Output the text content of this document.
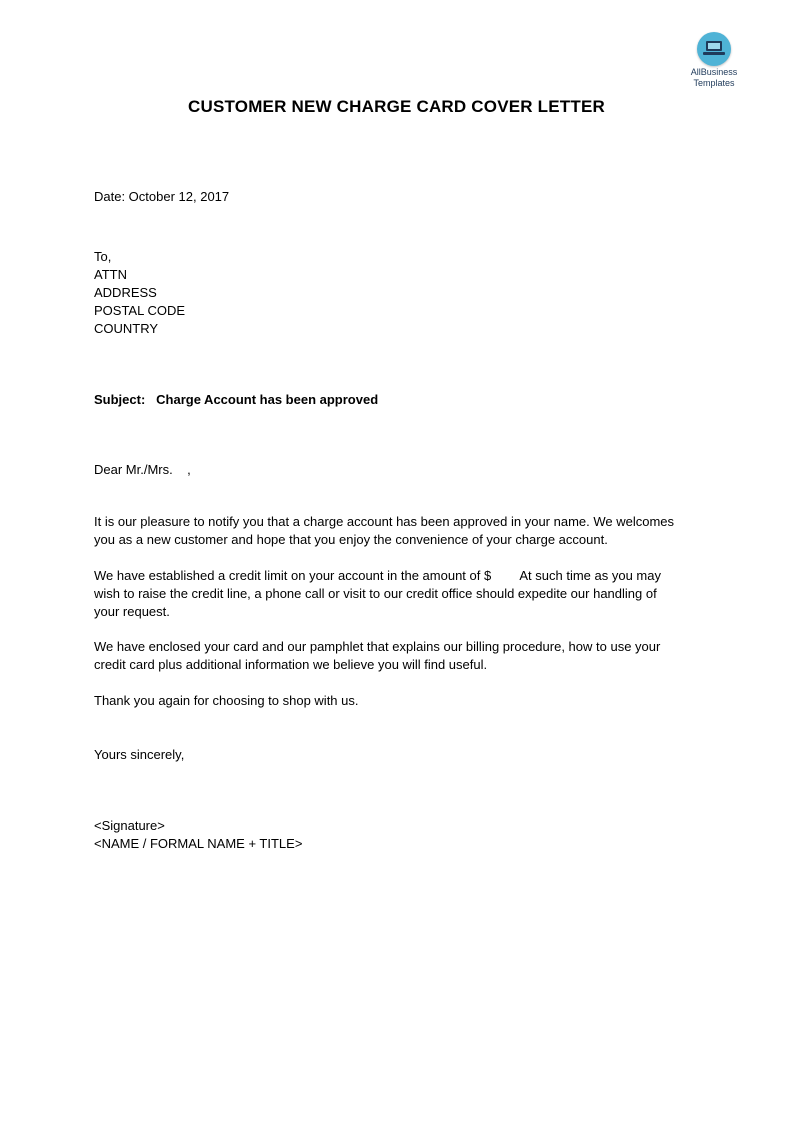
AllBusiness
Templates
CUSTOMER NEW CHARGE CARD COVER LETTER
Date: October 12, 2017
To,
ATTN
ADDRESS
POSTAL CODE
COUNTRY
Subject: Charge Account has been approved
Dear Mr./Mrs.    ,
It is our pleasure to notify you that a charge account has been approved in your name. We welcomes
you as a new customer and hope that you enjoy the convenience of your charge account.
We have established a credit limit on your account in the amount of $        At such time as you may
wish to raise the credit line, a phone call or visit to our credit office should expedite our handling of
your request.
We have enclosed your card and our pamphlet that explains our billing procedure, how to use your
credit card plus additional information we believe you will find useful.
Thank you again for choosing to shop with us.
Yours sincerely,
<Signature>
<NAME / FORMAL NAME + TITLE>
